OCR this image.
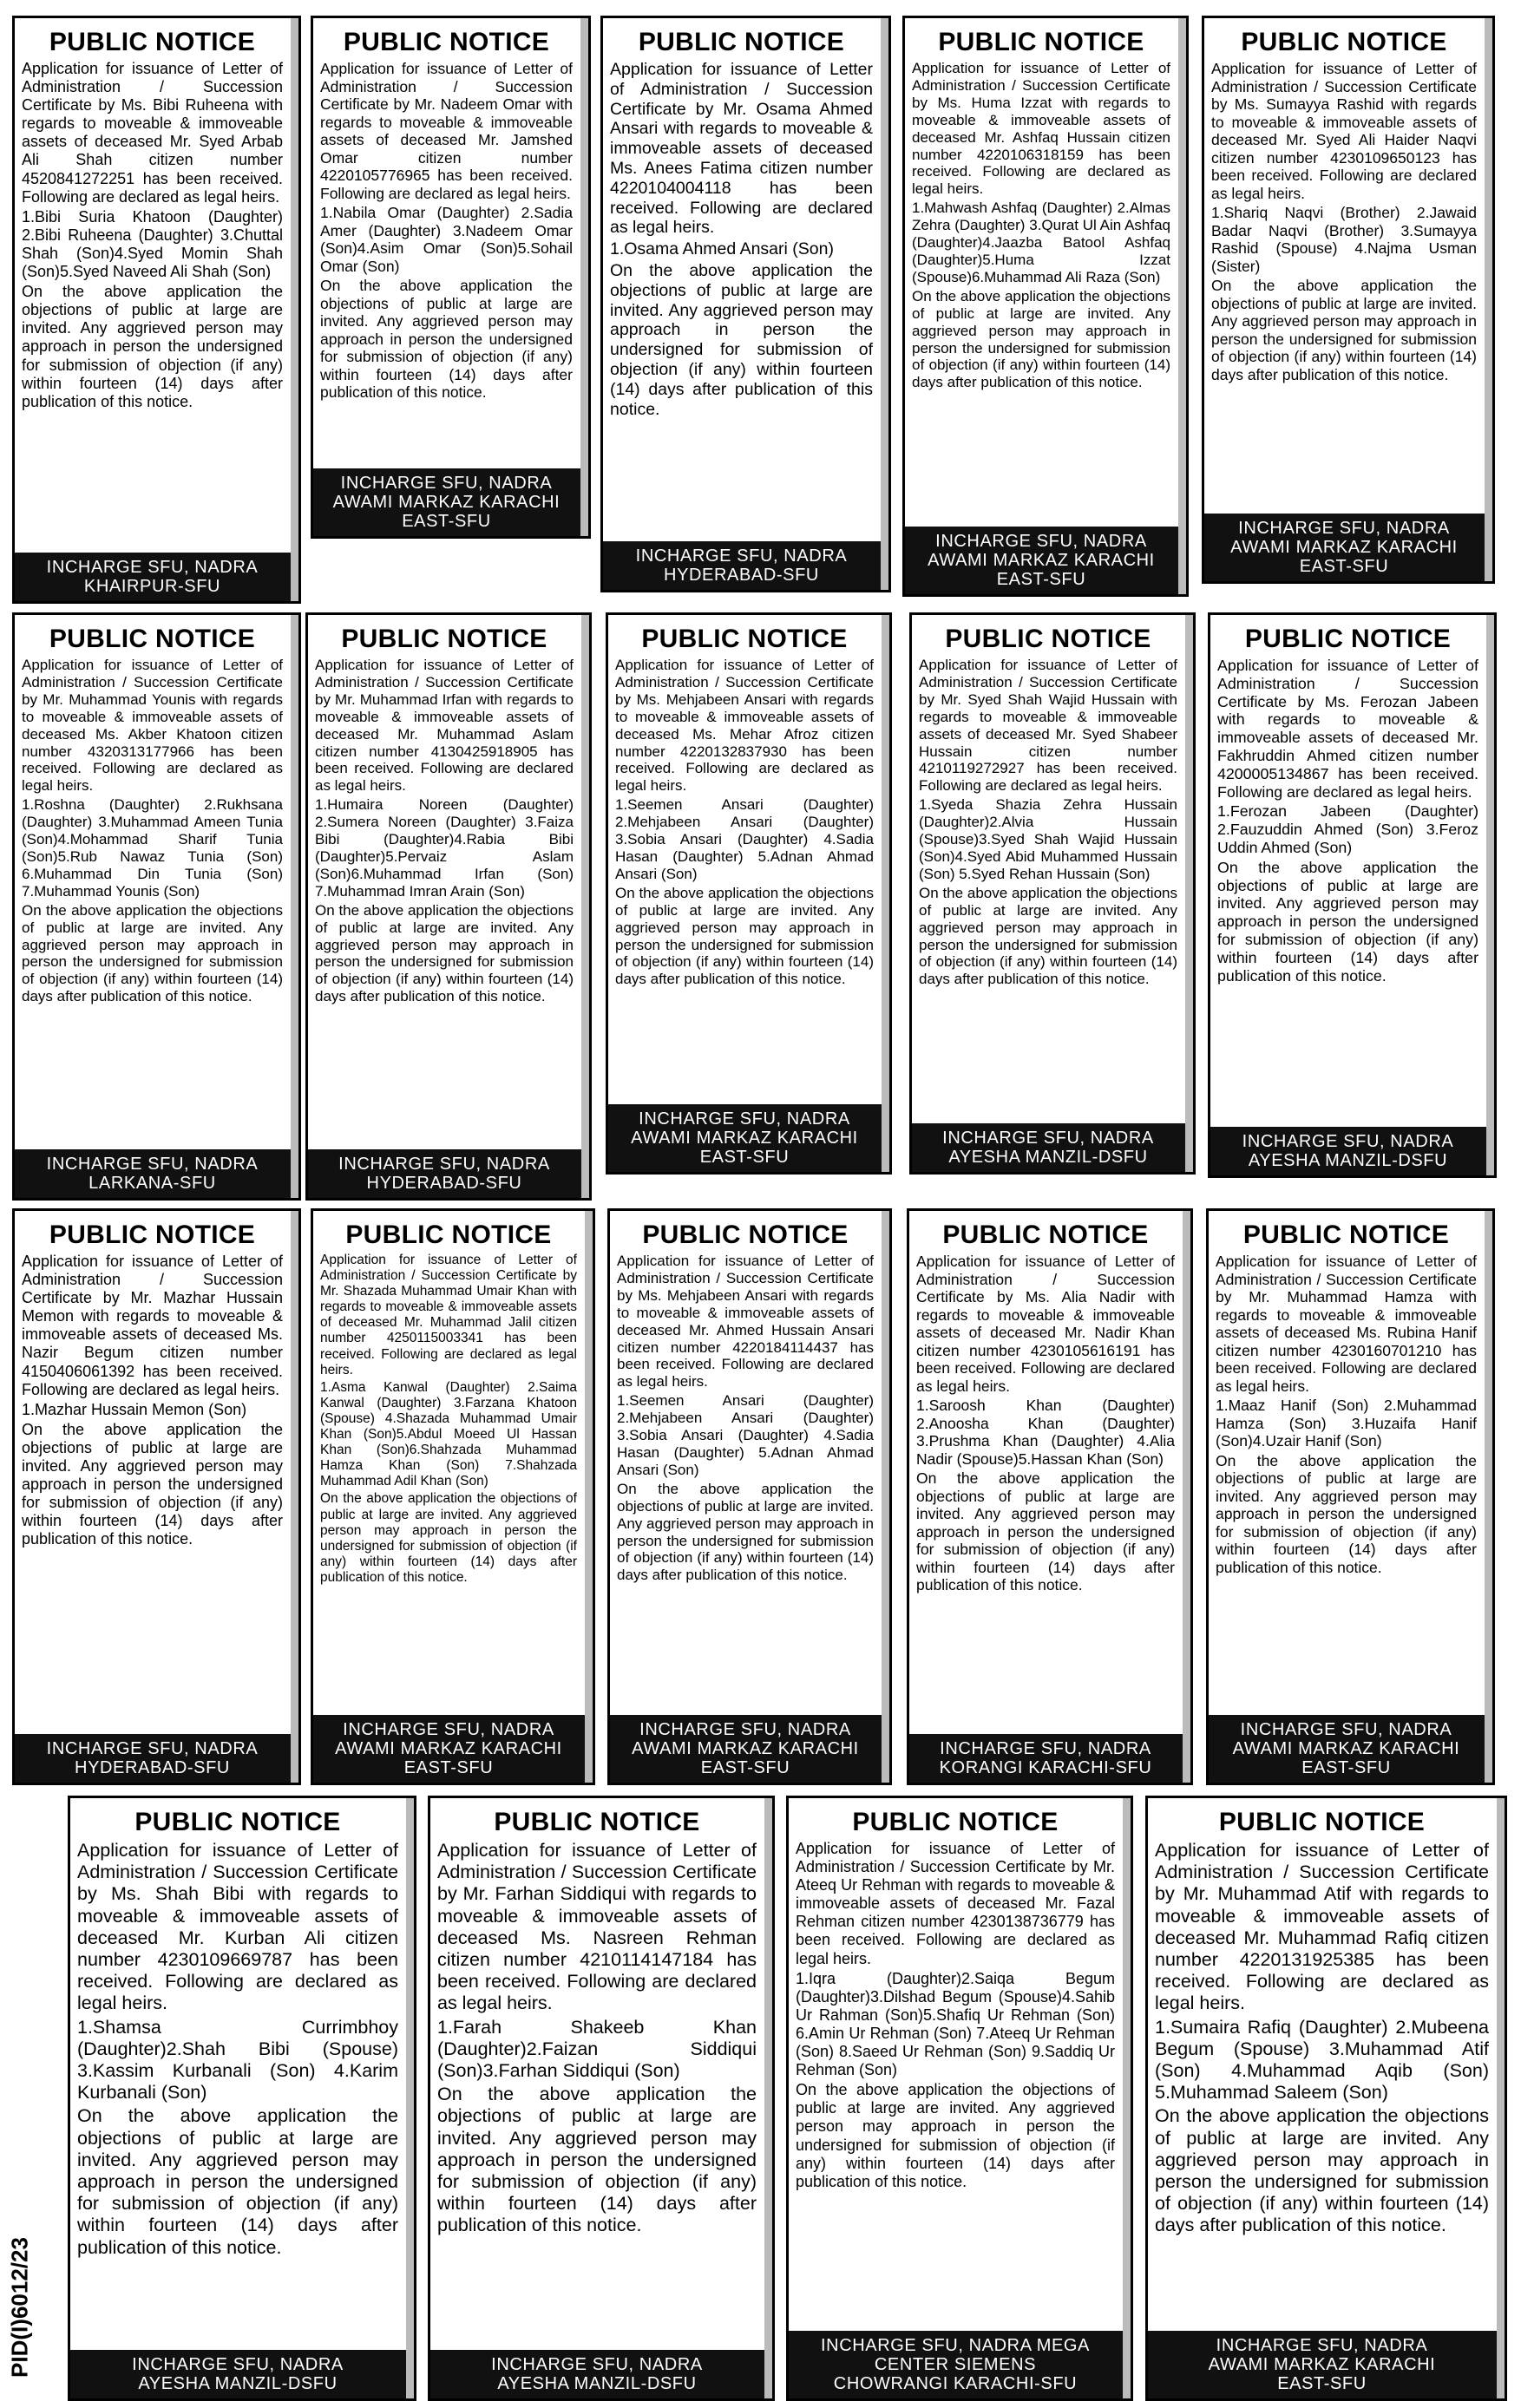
PID(I)6012/23
PUBLIC NOTICE

Application for issuance of Letter of Administration / Succession Certificate by Ms. Bibi Ruheena with regards to moveable & immoveable assets of deceased Mr. Syed Arbab Ali Shah citizen number 4520841272251 has been received. Following are declared as legal heirs.

1.Bibi Suria Khatoon (Daughter) 2.Bibi Ruheena (Daughter) 3.Chuttal Shah (Son)4.Syed Momin Shah (Son)5.Syed Naveed Ali Shah (Son)

On the above application the objections of public at large are invited. Any aggrieved person may approach in person the undersigned for submission of objection (if any) within fourteen (14) days after publication of this notice.

INCHARGE SFU, NADRA
KHAIRPUR-SFU
PUBLIC NOTICE

Application for issuance of Letter of Administration / Succession Certificate by Mr. Nadeem Omar with regards to moveable & immoveable assets of deceased Mr. Jamshed Omar citizen number 4220105776965 has been received. Following are declared as legal heirs.

1.Nabila Omar (Daughter) 2.Sadia Amer (Daughter) 3.Nadeem Omar (Son)4.Asim Omar (Son)5.Sohail Omar (Son)

On the above application the objections of public at large are invited. Any aggrieved person may approach in person the undersigned for submission of objection (if any) within fourteen (14) days after publication of this notice.

INCHARGE SFU, NADRA
AWAMI MARKAZ KARACHI
EAST-SFU
PUBLIC NOTICE

Application for issuance of Letter of Administration / Succession Certificate by Mr. Osama Ahmed Ansari with regards to moveable & immoveable assets of deceased Ms. Anees Fatima citizen number 4220104004118 has been received. Following are declared as legal heirs.

1.Osama Ahmed Ansari (Son)

On the above application the objections of public at large are invited. Any aggrieved person may approach in person the undersigned for submission of objection (if any) within fourteen (14) days after publication of this notice.

INCHARGE SFU, NADRA
HYDERABAD-SFU
PUBLIC NOTICE

Application for issuance of Letter of Administration / Succession Certificate by Ms. Huma Izzat with regards to moveable & immoveable assets of deceased Mr. Ashfaq Hussain citizen number 4220106318159 has been received. Following are declared as legal heirs.

1.Mahwash Ashfaq (Daughter) 2.Almas Zehra (Daughter) 3.Qurat Ul Ain Ashfaq (Daughter)4.Jaazba Batool Ashfaq (Daughter)5.Huma Izzat (Spouse)6.Muhammad Ali Raza (Son)

On the above application the objections of public at large are invited. Any aggrieved person may approach in person the undersigned for submission of objection (if any) within fourteen (14) days after publication of this notice.

INCHARGE SFU, NADRA
AWAMI MARKAZ KARACHI
EAST-SFU
PUBLIC NOTICE

Application for issuance of Letter of Administration / Succession Certificate by Ms. Sumayya Rashid with regards to moveable & immoveable assets of deceased Mr. Syed Ali Haider Naqvi citizen number 4230109650123 has been received. Following are declared as legal heirs.

1.Shariq Naqvi (Brother) 2.Jawaid Badar Naqvi (Brother) 3.Sumayya Rashid (Spouse) 4.Najma Usman (Sister)

On the above application the objections of public at large are invited. Any aggrieved person may approach in person the undersigned for submission of objection (if any) within fourteen (14) days after publication of this notice.

INCHARGE SFU, NADRA
AWAMI MARKAZ KARACHI
EAST-SFU
PUBLIC NOTICE

Application for issuance of Letter of Administration / Succession Certificate by Mr. Muhammad Younis with regards to moveable & immoveable assets of deceased Ms. Akber Khatoon citizen number 4320313177966 has been received. Following are declared as legal heirs.

1.Roshna (Daughter) 2.Rukhsana (Daughter) 3.Muhammad Ameen Tunia (Son)4.Mohammad Sharif Tunia (Son)5.Rub Nawaz Tunia (Son) 6.Muhammad Din Tunia (Son) 7.Muhammad Younis (Son)

On the above application the objections of public at large are invited. Any aggrieved person may approach in person the undersigned for submission of objection (if any) within fourteen (14) days after publication of this notice.

INCHARGE SFU, NADRA
LARKANA-SFU
PUBLIC NOTICE

Application for issuance of Letter of Administration / Succession Certificate by Mr. Muhammad Irfan with regards to moveable & immoveable assets of deceased Mr. Muhammad Aslam citizen number 4130425918905 has been received. Following are declared as legal heirs.

1.Humaira Noreen (Daughter) 2.Sumera Noreen (Daughter) 3.Faiza Bibi (Daughter)4.Rabia Bibi (Daughter)5.Pervaiz Aslam (Son)6.Muhammad Irfan (Son) 7.Muhammad Imran Arain (Son)

On the above application the objections of public at large are invited. Any aggrieved person may approach in person the undersigned for submission of objection (if any) within fourteen (14) days after publication of this notice.

INCHARGE SFU, NADRA
HYDERABAD-SFU
PUBLIC NOTICE

Application for issuance of Letter of Administration / Succession Certificate by Ms. Mehjabeen Ansari with regards to moveable & immoveable assets of deceased Ms. Mehar Afroz citizen number 4220132837930 has been received. Following are declared as legal heirs.

1.Seemen Ansari (Daughter) 2.Mehjabeen Ansari (Daughter) 3.Sobia Ansari (Daughter) 4.Sadia Hasan (Daughter) 5.Adnan Ahmad Ansari (Son)

On the above application the objections of public at large are invited. Any aggrieved person may approach in person the undersigned for submission of objection (if any) within fourteen (14) days after publication of this notice.

INCHARGE SFU, NADRA
AWAMI MARKAZ KARACHI
EAST-SFU
PUBLIC NOTICE

Application for issuance of Letter of Administration / Succession Certificate by Mr. Syed Shah Wajid Hussain with regards to moveable & immoveable assets of deceased Mr. Syed Shabeer Hussain citizen number 4210119272927 has been received. Following are declared as legal heirs.

1.Syeda Shazia Zehra Hussain (Daughter)2.Alvia Hussain (Spouse)3.Syed Shah Wajid Hussain (Son)4.Syed Abid Muhammed Hussain (Son) 5.Syed Rehan Hussain (Son)

On the above application the objections of public at large are invited. Any aggrieved person may approach in person the undersigned for submission of objection (if any) within fourteen (14) days after publication of this notice.

INCHARGE SFU, NADRA
AYESHA MANZIL-DSFU
PUBLIC NOTICE

Application for issuance of Letter of Administration / Succession Certificate by Ms. Ferozan Jabeen with regards to moveable & immoveable assets of deceased Mr. Fakhruddin Ahmed citizen number 4200005134867 has been received. Following are declared as legal heirs.

1.Ferozan Jabeen (Daughter) 2.Fauzuddin Ahmed (Son) 3.Feroz Uddin Ahmed (Son)

On the above application the objections of public at large are invited. Any aggrieved person may approach in person the undersigned for submission of objection (if any) within fourteen (14) days after publication of this notice.

INCHARGE SFU, NADRA
AYESHA MANZIL-DSFU
PUBLIC NOTICE

Application for issuance of Letter of Administration / Succession Certificate by Mr. Mazhar Hussain Memon with regards to moveable & immoveable assets of deceased Ms. Nazir Begum citizen number 4150406061392 has been received. Following are declared as legal heirs.

1.Mazhar Hussain Memon (Son)

On the above application the objections of public at large are invited. Any aggrieved person may approach in person the undersigned for submission of objection (if any) within fourteen (14) days after publication of this notice.

INCHARGE SFU, NADRA
HYDERABAD-SFU
PUBLIC NOTICE

Application for issuance of Letter of Administration / Succession Certificate by Mr. Shazada Muhammad Umair Khan with regards to moveable & immoveable assets of deceased Mr. Muhammad Jalil citizen number 4250115003341 has been received. Following are declared as legal heirs.

1.Asma Kanwal (Daughter) 2.Saima Kanwal (Daughter) 3.Farzana Khatoon (Spouse) 4.Shazada Muhammad Umair Khan (Son)5.Abdul Moeed Ul Hassan Khan (Son)6.Shahzada Muhammad Hamza Khan (Son) 7.Shahzada Muhammad Adil Khan (Son)

On the above application the objections of public at large are invited. Any aggrieved person may approach in person the undersigned for submission of objection (if any) within fourteen (14) days after publication of this notice.

INCHARGE SFU, NADRA
AWAMI MARKAZ KARACHI
EAST-SFU
PUBLIC NOTICE

Application for issuance of Letter of Administration / Succession Certificate by Ms. Mehjabeen Ansari with regards to moveable & immoveable assets of deceased Mr. Ahmed Hussain Ansari citizen number 4220184114437 has been received. Following are declared as legal heirs.

1.Seemen Ansari (Daughter) 2.Mehjabeen Ansari (Daughter) 3.Sobia Ansari (Daughter) 4.Sadia Hasan (Daughter) 5.Adnan Ahmad Ansari (Son)

On the above application the objections of public at large are invited. Any aggrieved person may approach in person the undersigned for submission of objection (if any) within fourteen (14) days after publication of this notice.

INCHARGE SFU, NADRA
AWAMI MARKAZ KARACHI
EAST-SFU
PUBLIC NOTICE

Application for issuance of Letter of Administration / Succession Certificate by Ms. Alia Nadir with regards to moveable & immoveable assets of deceased Mr. Nadir Khan citizen number 4230105616191 has been received. Following are declared as legal heirs.

1.Saroosh Khan (Daughter) 2.Anoosha Khan (Daughter) 3.Prushma Khan (Daughter) 4.Alia Nadir (Spouse)5.Hassan Khan (Son)

On the above application the objections of public at large are invited. Any aggrieved person may approach in person the undersigned for submission of objection (if any) within fourteen (14) days after publication of this notice.

INCHARGE SFU, NADRA
KORANGI KARACHI-SFU
PUBLIC NOTICE

Application for issuance of Letter of Administration / Succession Certificate by Mr. Muhammad Hamza with regards to moveable & immoveable assets of deceased Ms. Rubina Hanif citizen number 4230160701210 has been received. Following are declared as legal heirs.

1.Maaz Hanif (Son) 2.Muhammad Hamza (Son) 3.Huzaifa Hanif (Son)4.Uzair Hanif (Son)

On the above application the objections of public at large are invited. Any aggrieved person may approach in person the undersigned for submission of objection (if any) within fourteen (14) days after publication of this notice.

INCHARGE SFU, NADRA
AWAMI MARKAZ KARACHI
EAST-SFU
PUBLIC NOTICE

Application for issuance of Letter of Administration / Succession Certificate by Ms. Shah Bibi with regards to moveable & immoveable assets of deceased Mr. Kurban Ali citizen number 4230109669787 has been received. Following are declared as legal heirs.

1.Shamsa Currimbhoy (Daughter)2.Shah Bibi (Spouse) 3.Kassim Kurbanali (Son) 4.Karim Kurbanali (Son)

On the above application the objections of public at large are invited. Any aggrieved person may approach in person the undersigned for submission of objection (if any) within fourteen (14) days after publication of this notice.

INCHARGE SFU, NADRA
AYESHA MANZIL-DSFU
PUBLIC NOTICE

Application for issuance of Letter of Administration / Succession Certificate by Mr. Farhan Siddiqui with regards to moveable & immoveable assets of deceased Ms. Nasreen Rehman citizen number 4210114147184 has been received. Following are declared as legal heirs.

1.Farah Shakeeb Khan (Daughter)2.Faizan Siddiqui (Son)3.Farhan Siddiqui (Son)

On the above application the objections of public at large are invited. Any aggrieved person may approach in person the undersigned for submission of objection (if any) within fourteen (14) days after publication of this notice.

INCHARGE SFU, NADRA
AYESHA MANZIL-DSFU
PUBLIC NOTICE

Application for issuance of Letter of Administration / Succession Certificate by Mr. Ateeq Ur Rehman with regards to moveable & immoveable assets of deceased Mr. Fazal Rehman citizen number 4230138736779 has been received. Following are declared as legal heirs.

1.Iqra (Daughter)2.Saiqa Begum (Daughter)3.Dilshad Begum (Spouse)4.Sahib Ur Rahman (Son)5.Shafiq Ur Rehman (Son) 6.Amin Ur Rehman (Son) 7.Ateeq Ur Rehman (Son) 8.Saeed Ur Rehman (Son) 9.Saddiq Ur Rehman (Son)

On the above application the objections of public at large are invited. Any aggrieved person may approach in person the undersigned for submission of objection (if any) within fourteen (14) days after publication of this notice.

INCHARGE SFU, NADRA MEGA
CENTER SIEMENS
CHOWRANGI KARACHI-SFU
PUBLIC NOTICE

Application for issuance of Letter of Administration / Succession Certificate by Mr. Muhammad Atif with regards to moveable & immoveable assets of deceased Mr. Muhammad Rafiq citizen number 4220131925385 has been received. Following are declared as legal heirs.

1.Sumaira Rafiq (Daughter) 2.Mubeena Begum (Spouse) 3.Muhammad Atif (Son) 4.Muhammad Aqib (Son) 5.Muhammad Saleem (Son)

On the above application the objections of public at large are invited. Any aggrieved person may approach in person the undersigned for submission of objection (if any) within fourteen (14) days after publication of this notice.

INCHARGE SFU, NADRA
AWAMI MARKAZ KARACHI
EAST-SFU
